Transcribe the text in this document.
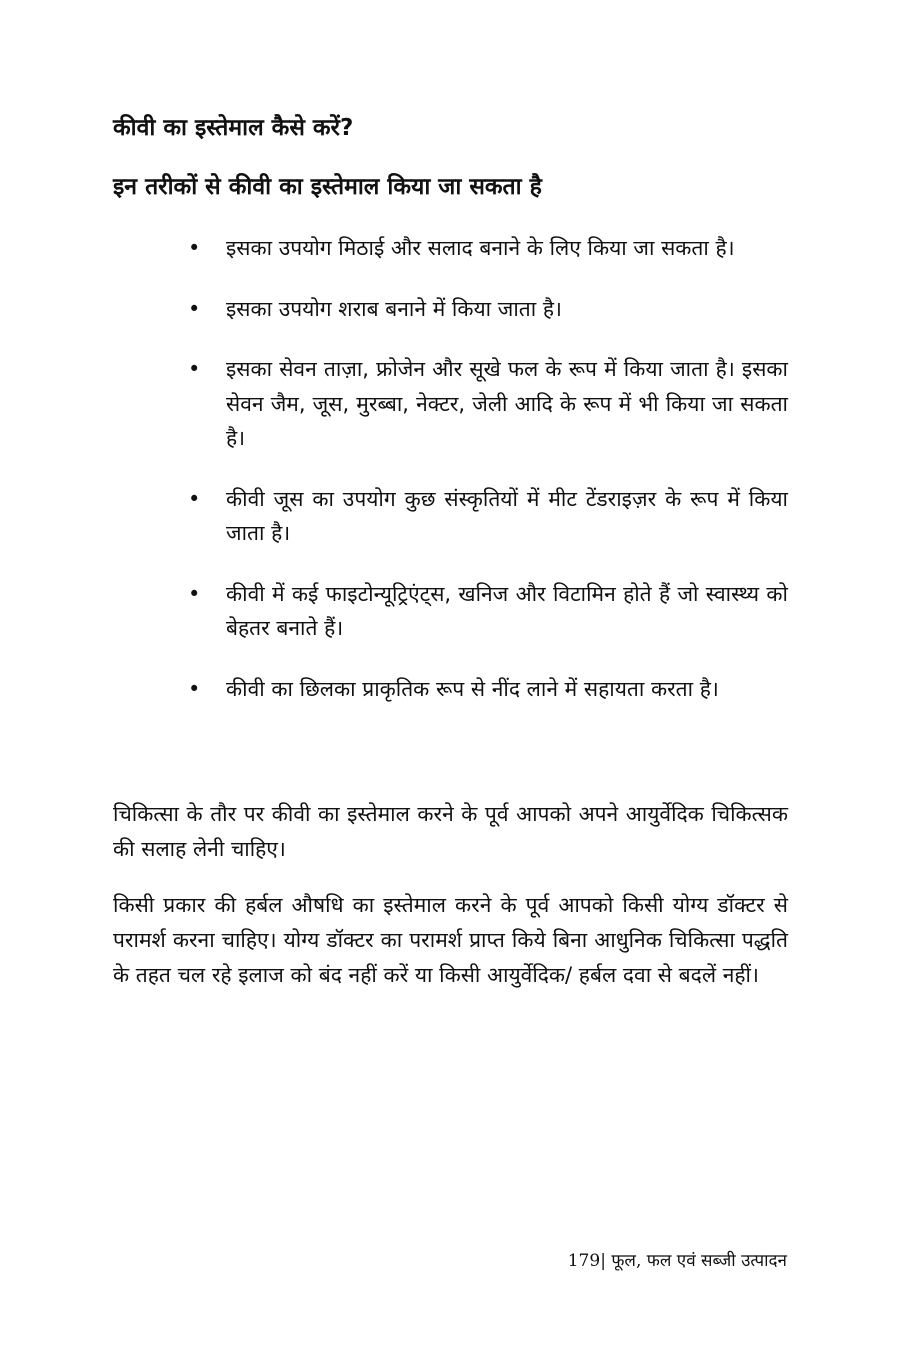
कीवी का इस्तेमाल कैसे करें?
इन तरीकों से कीवी का इस्तेमाल किया जा सकता है
• इसका उपयोग मिठाई और सलाद बनाने के लिए किया जा सकता है।
• इसका उपयोग शराब बनाने में किया जाता है।
• इसका सेवन ताज़ा, फ्रोजेन और सूखे फल के रूप में किया जाता है। इसका सेवन जैम, जूस, मुरब्बा, नेक्टर, जेली आदि के रूप में भी किया जा सकता है।
• कीवी जूस का उपयोग कुछ संस्कृतियों में मीट टेंडराइज़र के रूप में किया जाता है।
• कीवी में कई फाइटोन्यूट्रिएंट्स, खनिज और विटामिन होते हैं जो स्वास्थ्य को बेहतर बनाते हैं।
• कीवी का छिलका प्राकृतिक रूप से नींद लाने में सहायता करता है।

चिकित्सा के तौर पर कीवी का इस्तेमाल करने के पूर्व आपको अपने आयुर्वेदिक चिकित्सक की सलाह लेनी चाहिए।

किसी प्रकार की हर्बल औषधि का इस्तेमाल करने के पूर्व आपको किसी योग्य डॉक्टर से परामर्श करना चाहिए। योग्य डॉक्टर का परामर्श प्राप्त किये बिना आधुनिक चिकित्सा पद्धति के तहत चल रहे इलाज को बंद नहीं करें या किसी आयुर्वेदिक/ हर्बल दवा से बदलें नहीं।

179| फूल, फल एवं सब्जी उत्पादन
